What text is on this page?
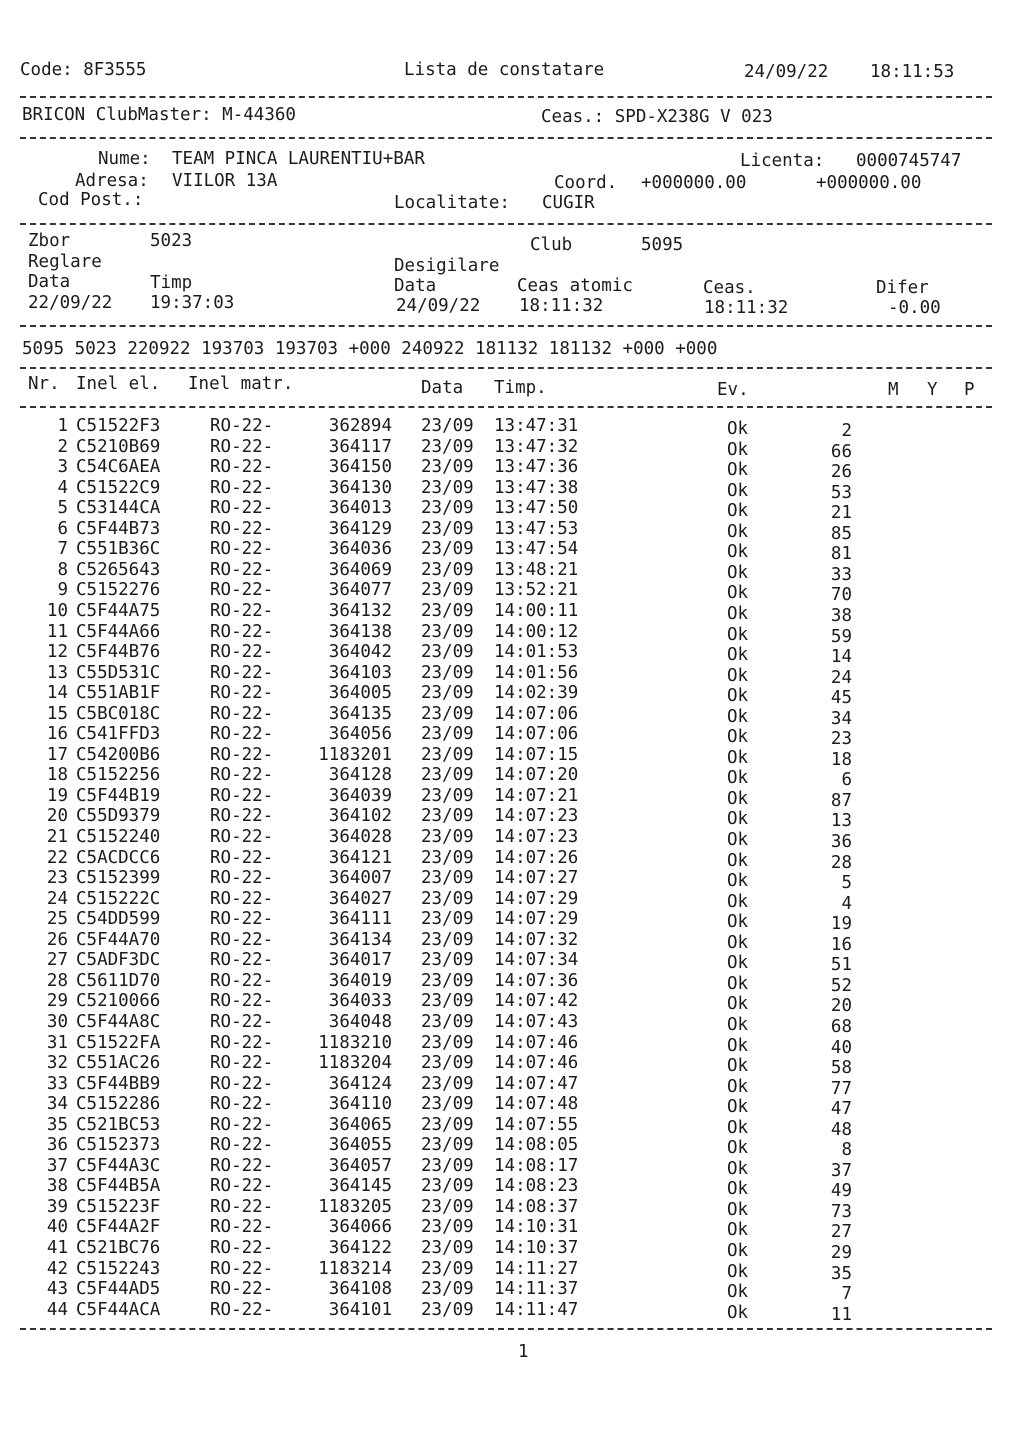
Code: 8F3555	Lista de constatare	24/09/22 18:11:53
BRICON ClubMaster: M-44360	Ceas.: SPD-X238G V 023
Nume: TEAM PINCA LAURENTIU+BAR	Licenta: 0000745747
Adresa: VIILOR 13A	Coord. +000000.00	+000000.00
Cod Post.:	Localitate: CUGIR
Zbor	5023	Club	5095
Reglare	Desigilare
Data	Timp	Data	Ceas atomic	Ceas.	Difer
22/09/22 19:37:03	24/09/22 18:11:32	18:11:32	-0.00
5095 5023 220922 193703 193703 +000 240922 181132 181132 +000 +000
Nr. Inel el. Inel matr.	Data Timp.	Ev.	M Y P
1 C51522F3	RO-22-	362894 23/09 13:47:31	Ok	2
2 C5210B69	RO-22-	364117 23/09 13:47:32	Ok	66
3 C54C6AEA	RO-22-	364150 23/09 13:47:36	Ok	26
4 C51522C9	RO-22-	364130 23/09 13:47:38	Ok	53
5 C53144CA	RO-22-	364013 23/09 13:47:50	Ok	21
6 C5F44B73	RO-22-	364129 23/09 13:47:53	Ok	85
7 C551B36C	RO-22-	364036 23/09 13:47:54	Ok	81
8 C5265643	RO-22-	364069 23/09 13:48:21	Ok	33
9 C5152276	RO-22-	364077 23/09 13:52:21	Ok	70
10 C5F44A75	RO-22-	364132 23/09 14:00:11	Ok	38
11 C5F44A66	RO-22-	364138 23/09 14:00:12	Ok	59
12 C5F44B76	RO-22-	364042 23/09 14:01:53	Ok	14
13 C55D531C	RO-22-	364103 23/09 14:01:56	Ok	24
14 C551AB1F	RO-22-	364005 23/09 14:02:39	Ok	45
15 C5BC018C	RO-22-	364135 23/09 14:07:06	Ok	34
16 C541FFD3	RO-22-	364056 23/09 14:07:06	Ok	23
17 C54200B6	RO-22-	1183201 23/09 14:07:15	Ok	18
18 C5152256	RO-22-	364128 23/09 14:07:20	Ok	6
19 C5F44B19	RO-22-	364039 23/09 14:07:21	Ok	87
20 C55D9379	RO-22-	364102 23/09 14:07:23	Ok	13
21 C5152240	RO-22-	364028 23/09 14:07:23	Ok	36
22 C5ACDCC6	RO-22-	364121 23/09 14:07:26	Ok	28
23 C5152399	RO-22-	364007 23/09 14:07:27	Ok	5
24 C515222C	RO-22-	364027 23/09 14:07:29	Ok	4
25 C54DD599	RO-22-	364111 23/09 14:07:29	Ok	19
26 C5F44A70	RO-22-	364134 23/09 14:07:32	Ok	16
27 C5ADF3DC	RO-22-	364017 23/09 14:07:34	Ok	51
28 C5611D70	RO-22-	364019 23/09 14:07:36	Ok	52
29 C5210066	RO-22-	364033 23/09 14:07:42	Ok	20
30 C5F44A8C	RO-22-	364048 23/09 14:07:43	Ok	68
31 C51522FA	RO-22-	1183210 23/09 14:07:46	Ok	40
32 C551AC26	RO-22-	1183204 23/09 14:07:46	Ok	58
33 C5F44BB9	RO-22-	364124 23/09 14:07:47	Ok	77
34 C5152286	RO-22-	364110 23/09 14:07:48	Ok	47
35 C521BC53	RO-22-	364065 23/09 14:07:55	Ok	48
36 C5152373	RO-22-	364055 23/09 14:08:05	Ok	8
37 C5F44A3C	RO-22-	364057 23/09 14:08:17	Ok	37
38 C5F44B5A	RO-22-	364145 23/09 14:08:23	Ok	49
39 C515223F	RO-22-	1183205 23/09 14:08:37	Ok	73
40 C5F44A2F	RO-22-	364066 23/09 14:10:31	Ok	27
41 C521BC76	RO-22-	364122 23/09 14:10:37	Ok	29
42 C5152243	RO-22-	1183214 23/09 14:11:27	Ok	35
43 C5F44AD5	RO-22-	364108 23/09 14:11:37	Ok	7
44 C5F44ACA	RO-22-	364101 23/09 14:11:47	Ok	11
1
